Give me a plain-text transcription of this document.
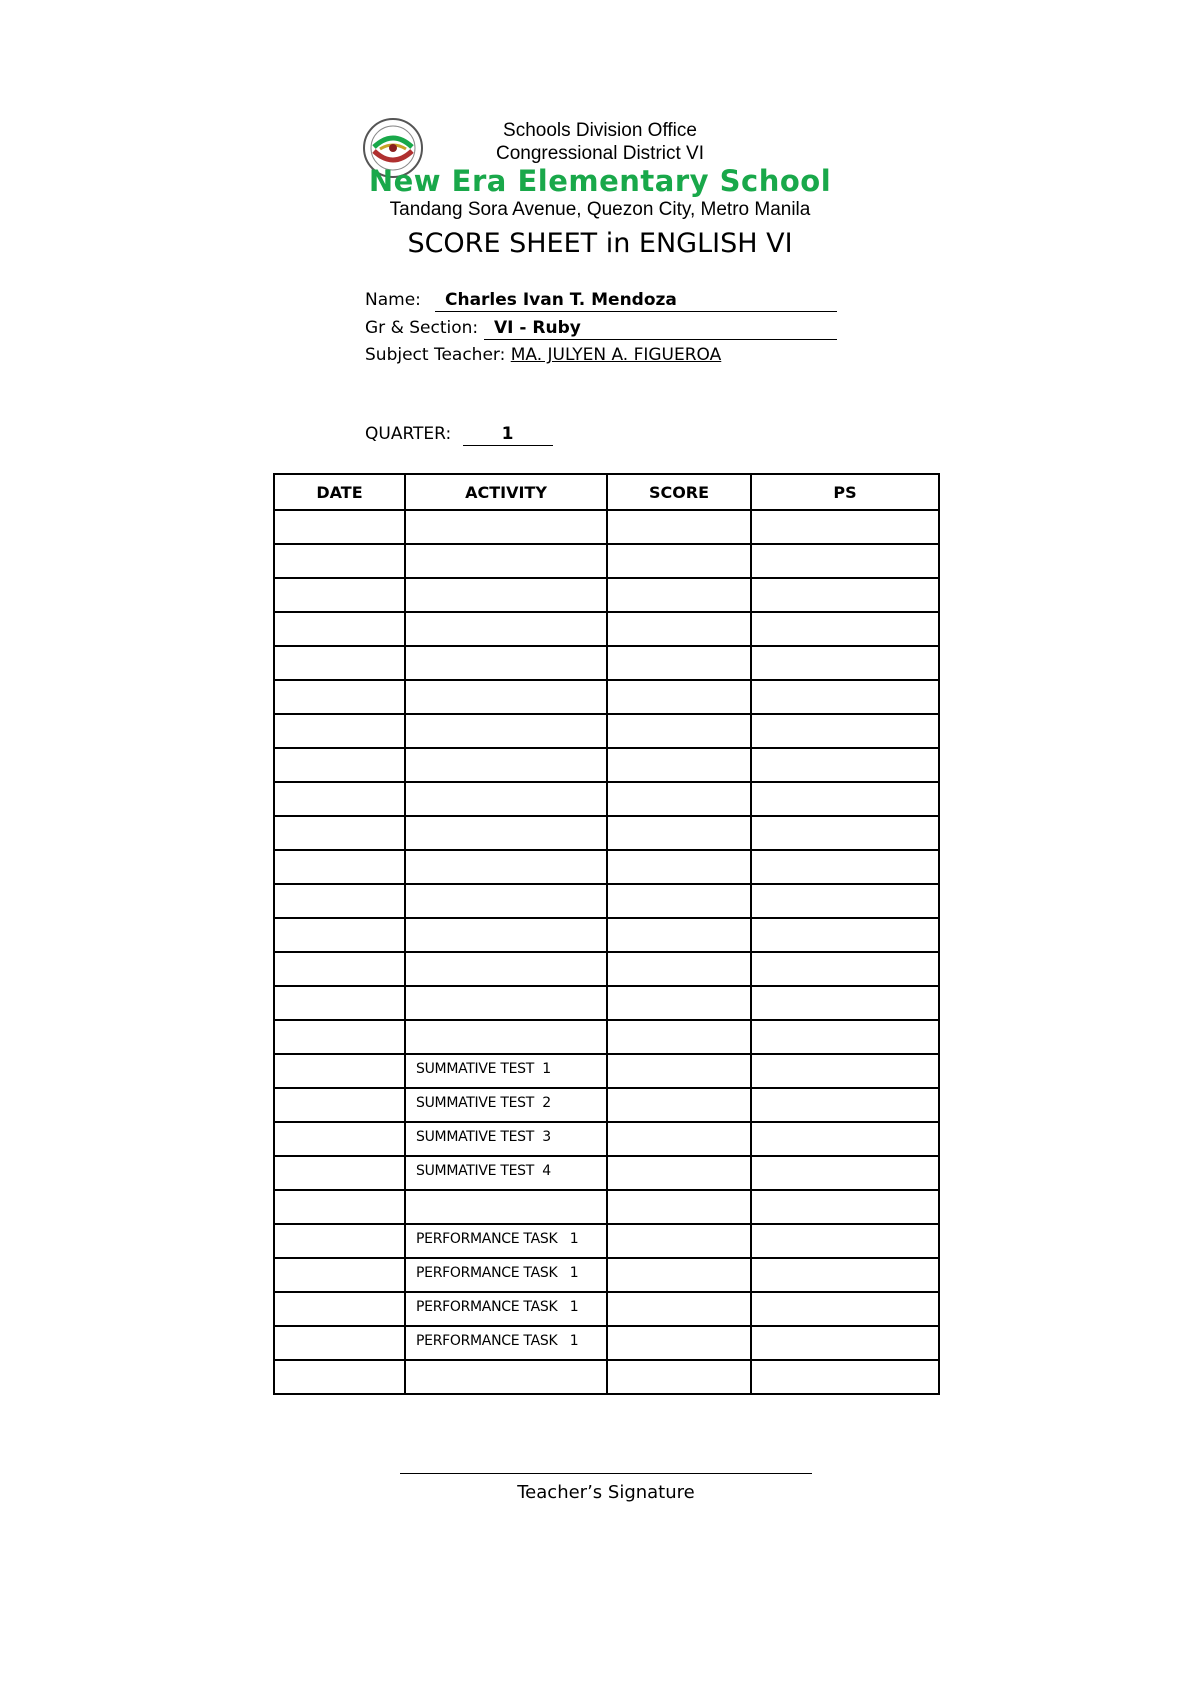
Schools Division Office
Congressional District VI
New Era Elementary School
Tandang Sora Avenue, Quezon City, Metro Manila
SCORE SHEET in ENGLISH VI
Name:	Charles Ivan T. Mendoza
Gr & Section: VI - Ruby
Subject Teacher: MA. JULYEN A. FIGUEROA
QUARTER:	1
DATE	ACTIVITY	SCORE	PS

	SUMMATIVE TEST  1		
	SUMMATIVE TEST  2		
	SUMMATIVE TEST  3		
	SUMMATIVE TEST  4		

	PERFORMANCE TASK   1		
	PERFORMANCE TASK   1		
	PERFORMANCE TASK   1		
	PERFORMANCE TASK   1		

Teacher’s Signature
